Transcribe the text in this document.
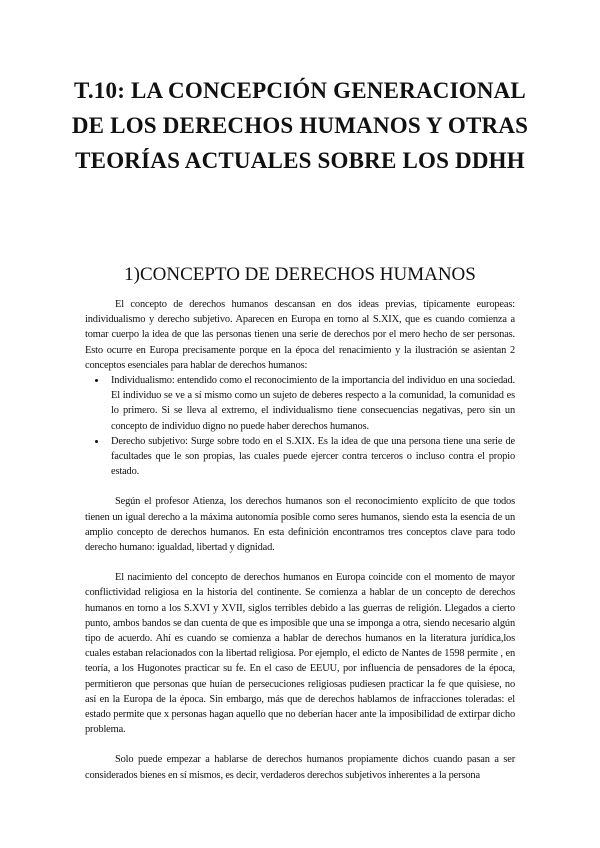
T.10: LA CONCEPCIÓN GENERACIONAL DE LOS DERECHOS HUMANOS Y OTRAS TEORÍAS ACTUALES SOBRE LOS DDHH
1)CONCEPTO DE DERECHOS HUMANOS

El concepto de derechos humanos descansan en dos ideas previas, típicamente europeas: individualismo y derecho subjetivo. Aparecen en Europa en torno al S.XIX, que es cuando comienza a tomar cuerpo la idea de que las personas tienen una serie de derechos por el mero hecho de ser personas. Esto ocurre en Europa precisamente porque en la época del renacimiento y la ilustración se asientan 2 conceptos esenciales para hablar de derechos humanos:

• Individualismo: entendido como el reconocimiento de la importancia del individuo en una sociedad. El individuo se ve a sí mismo como un sujeto de deberes respecto a la comunidad, la comunidad es lo primero. Si se lleva al extremo, el individualismo tiene consecuencias negativas, pero sin un concepto de individuo digno no puede haber derechos humanos.
• Derecho subjetivo: Surge sobre todo en el S.XIX. Es la idea de que una persona tiene una serie de facultades que le son propias, las cuales puede ejercer contra terceros o incluso contra el propio estado.

Según el profesor Atienza, los derechos humanos son el reconocimiento explícito de que todos tienen un igual derecho a la máxima autonomía posible como seres humanos, siendo esta la esencia de un amplio concepto de derechos humanos. En esta definición encontramos tres conceptos clave para todo derecho humano: igualdad, libertad y dignidad.

El nacimiento del concepto de derechos humanos en Europa coincide con el momento de mayor conflictividad religiosa en la historia del continente. Se comienza a hablar de un concepto de derechos humanos en torno a los S.XVI y XVII, siglos terribles debido a las guerras de religión. Llegados a cierto punto, ambos bandos se dan cuenta de que es imposible que una se imponga a otra, siendo necesario algún tipo de acuerdo. Ahí es cuando se comienza a hablar de derechos humanos en la literatura jurídica,los cuales estaban relacionados con la libertad religiosa. Por ejemplo, el edicto de Nantes de 1598 permite , en teoría, a los Hugonotes practicar su fe. En el caso de EEUU, por influencia de pensadores de la época, permitieron que personas que huían de persecuciones religiosas pudiesen practicar la fe que quisiese, no así en la Europa de la época. Sin embargo, más que de derechos hablamos de infracciones toleradas: el estado permite que x personas hagan aquello que no deberían hacer ante la imposibilidad de extirpar dicho problema.

Solo puede empezar a hablarse de derechos humanos propiamente dichos cuando pasan a ser considerados bienes en sí mismos, es decir, verdaderos derechos subjetivos inherentes a la persona
